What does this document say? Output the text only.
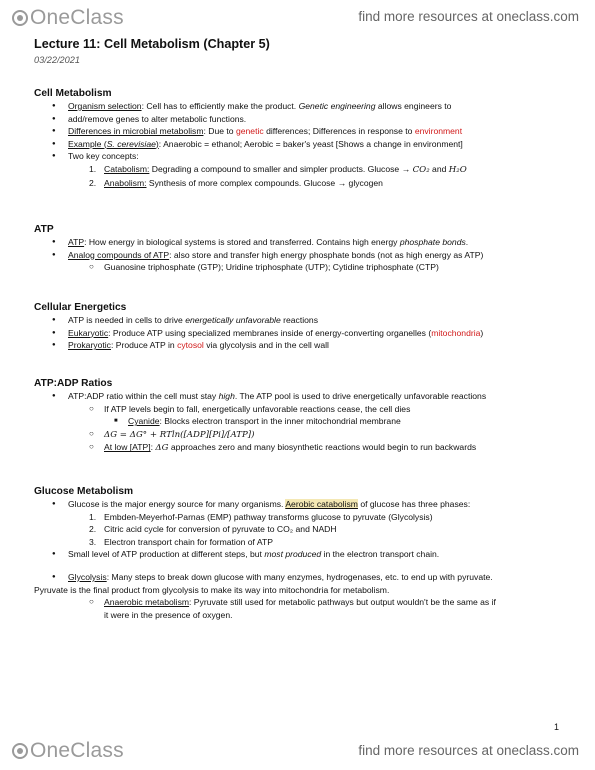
OneClass	find more resources at oneclass.com
Lecture 11: Cell Metabolism (Chapter 5)
03/22/2021
Cell Metabolism
● Organism selection: Cell has to efficiently make the product. Genetic engineering allows engineers to
● add/remove genes to alter metabolic functions.
● Differences in microbial metabolism: Due to genetic differences; Differences in response to environment
● Example (S. cerevisiae): Anaerobic = ethanol; Aerobic = baker's yeast [Shows a change in environment]
● Two key concepts:
1. Catabolism: Degrading a compound to smaller and simpler products. Glucose → CO₂ and H₂O
2. Anabolism: Synthesis of more complex compounds. Glucose → glycogen
ATP
● ATP: How energy in biological systems is stored and transferred. Contains high energy phosphate bonds.
● Analog compounds of ATP: also store and transfer high energy phosphate bonds (not as high energy as ATP)
○ Guanosine triphosphate (GTP); Uridine triphosphate (UTP); Cytidine triphosphate (CTP)
Cellular Energetics
● ATP is needed in cells to drive energetically unfavorable reactions
● Eukaryotic: Produce ATP using specialized membranes inside of energy-converting organelles (mitochondria)
● Prokaryotic: Produce ATP in cytosol via glycolysis and in the cell wall
ATP:ADP Ratios
● ATP:ADP ratio within the cell must stay high. The ATP pool is used to drive energetically unfavorable reactions
○ If ATP levels begin to fall, energetically unfavorable reactions cease, the cell dies
■ Cyanide: Blocks electron transport in the inner mitochondrial membrane
○ ΔG = ΔG° + RTln([ADP][Pi]/[ATP])
○ At low [ATP]: ΔG approaches zero and many biosynthetic reactions would begin to run backwards
Glucose Metabolism
● Glucose is the major energy source for many organisms. Aerobic catabolism of glucose has three phases:
1. Embden-Meyerhof-Parnas (EMP) pathway transforms glucose to pyruvate (Glycolysis)
2. Citric acid cycle for conversion of pyruvate to CO₂ and NADH
3. Electron transport chain for formation of ATP
● Small level of ATP production at different steps, but most produced in the electron transport chain.
● Glycolysis: Many steps to break down glucose with many enzymes, hydrogenases, etc. to end up with pyruvate.
Pyruvate is the final product from glycolysis to make its way into mitochondria for metabolism.
○ Anaerobic metabolism: Pyruvate still used for metabolic pathways but output wouldn't be the same as if
it were in the presence of oxygen.
1
OneClass	find more resources at oneclass.com
